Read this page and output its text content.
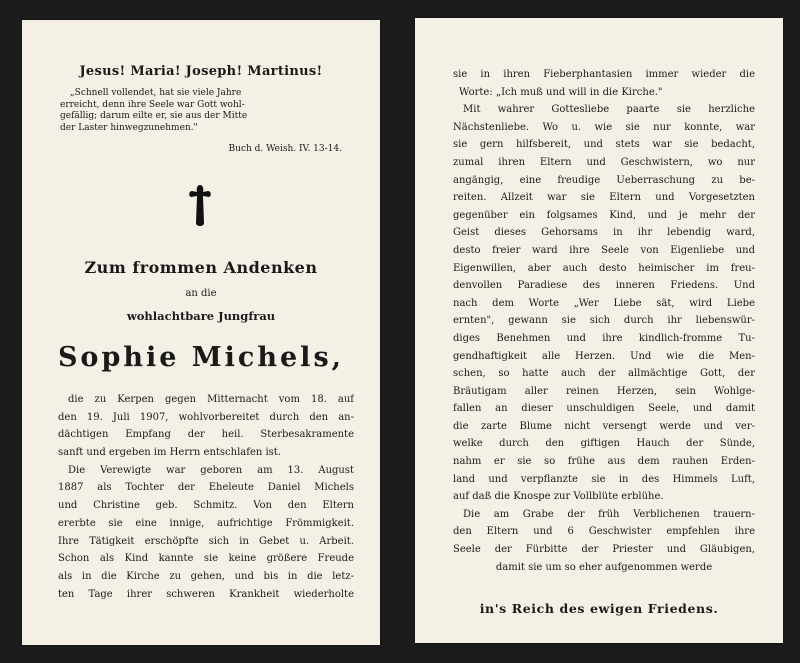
Jesus! Maria! Joseph! Martinus!
„Schnell vollendet, hat sie viele Jahre
erreicht, denn ihre Seele war Gott wohl-
gefällig; darum eilte er, sie aus der Mitte
der Laster hinwegzunehmen."
Buch d. Weish. IV. 13-14.
Zum frommen Andenken
an die
wohlachtbare Jungfrau
Sophie Michels,
die zu Kerpen gegen Mitternacht vom 18. auf
den 19. Juli 1907, wohlvorbereitet durch den an-
dächtigen Empfang der heil. Sterbesakramente
sanft und ergeben im Herrn entschlafen ist.
Die Verewigte war geboren am 13. August
1887 als Tochter der Eheleute Daniel Michels
und Christine geb. Schmitz. Von den Eltern
ererbte sie eine innige, aufrichtige Frömmigkeit.
Ihre Tätigkeit erschöpfte sich in Gebet u. Arbeit.
Schon als Kind kannte sie keine größere Freude
als in die Kirche zu gehen, und bis in die letz-
ten Tage ihrer schweren Krankheit wiederholte
sie in ihren Fieberphantasien immer wieder die
Worte: „Ich muß und will in die Kirche."
Mit wahrer Gottesliebe paarte sie herzliche
Nächstenliebe. Wo u. wie sie nur konnte, war
sie gern hilfsbereit, und stets war sie bedacht,
zumal ihren Eltern und Geschwistern, wo nur
angängig, eine freudige Ueberraschung zu be-
reiten. Allzeit war sie Eltern und Vorgesetzten
gegenüber ein folgsames Kind, und je mehr der
Geist dieses Gehorsams in ihr lebendig ward,
desto freier ward ihre Seele von Eigenliebe und
Eigenwillen, aber auch desto heimischer im freu-
denvollen Paradiese des inneren Friedens. Und
nach dem Worte „Wer Liebe sät, wird Liebe
ernten", gewann sie sich durch ihr liebenswür-
diges Benehmen und ihre kindlich-fromme Tu-
gendhaftigkeit alle Herzen. Und wie die Men-
schen, so hatte auch der allmächtige Gott, der
Bräutigam aller reinen Herzen, sein Wohlge-
fallen an dieser unschuldigen Seele, und damit
die zarte Blume nicht versengt werde und ver-
welke durch den giftigen Hauch der Sünde,
nahm er sie so frühe aus dem rauhen Erden-
land und verpflanzte sie in des Himmels Luft,
auf daß die Knospe zur Vollblüte erblühe.
Die am Grabe der früh Verblichenen trauern-
den Eltern und 6 Geschwister empfehlen ihre
Seele der Fürbitte der Priester und Gläubigen,
damit sie um so eher aufgenommen werde
in's Reich des ewigen Friedens.
